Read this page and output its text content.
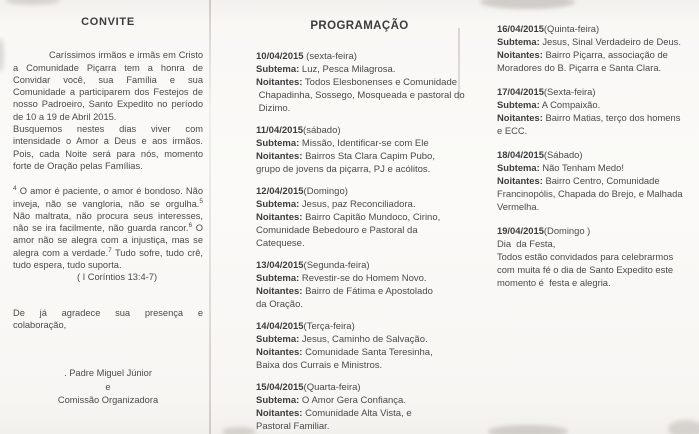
CONVITE

Caríssimos irmãos e irmãs em Cristo a Comunidade Piçarra tem a honra de Convidar você, sua Família e sua Comunidade a participarem dos Festejos de nosso Padroeiro, Santo Expedito no período de 10 a 19 de Abril 2015.

Busquemos nestes dias viver com intensidade o Amor a Deus e aos irmãos. Pois, cada Noite será para nós, momento forte de Oração pelas Famílias.

$^4$ O amor é paciente, o amor é bondoso. Não inveja, não se vangloria, não se orgulha.$^5$ Não maltrata, não procura seus interesses, não se ira facilmente, não guarda rancor.$^6$ O amor não se alegra com a injustiça, mas se alegra com a verdade.$^7$ Tudo sofre, tudo crê, tudo espera, tudo suporta.

( I Coríntios 13:4-7)
De já agradece sua presença e
colaboração,
. Padre Miguel Júnior
e
Comissão Organizadora
PROGRAMAÇÃO
10/04/2015 (sexta-feira)
Subtema: Luz, Pesca Milagrosa.
Noitantes: Todos Elesbonenses e Comunidade
Chapadinha, Sossego, Mosqueada e pastoral do
Dizimo.
11/04/2015(sábado)
Subtema: Missão, Identificar-se com Ele
Noitantes: Bairros Sta Clara Capim Pubo,
grupo de jovens da piçarra, PJ e acólitos.
12/04/2015(Domingo)
Subtema: Jesus, paz Reconciliadora.
Noitantes: Bairro Capitão Mundoco, Cirino,
Comunidade Bebedouro e Pastoral da
Catequese.
13/04/2015(Segunda-feira)
Subtema: Revestir-se do Homem Novo.
Noitantes: Bairro de Fátima e Apostolado
da Oração.
14/04/2015(Terça-feira)
Subtema: Jesus, Caminho de Salvação.
Noitantes: Comunidade Santa Teresinha,
Baixa dos Currais e Ministros.
15/04/2015(Quarta-feira)
Subtema: O Amor Gera Confiança.
Noitantes: Comunidade Alta Vista, e
Pastoral Familiar.
16/04/2015(Quinta-feira)
Subtema: Jesus, Sinal Verdadeiro de Deus.
Noitantes: Bairro Piçarra, associação de
Moradores do B. Piçarra e Santa Clara.
17/04/2015(Sexta-feira)
Subtema: A Compaixão.
Noitantes: Bairro Matias, terço dos homens
e ECC.
18/04/2015(Sábado)
Subtema: Não Tenham Medo!
Noitantes: Bairro Centro, Comunidade
Francinopólis, Chapada do Brejo, e Malhada
Vermelha.
19/04/2015(Domingo )
Dia  da Festa,
Todos estão convidados para celebrarmos
com muita fé o dia de Santo Expedito este
momento é  festa e alegria.
